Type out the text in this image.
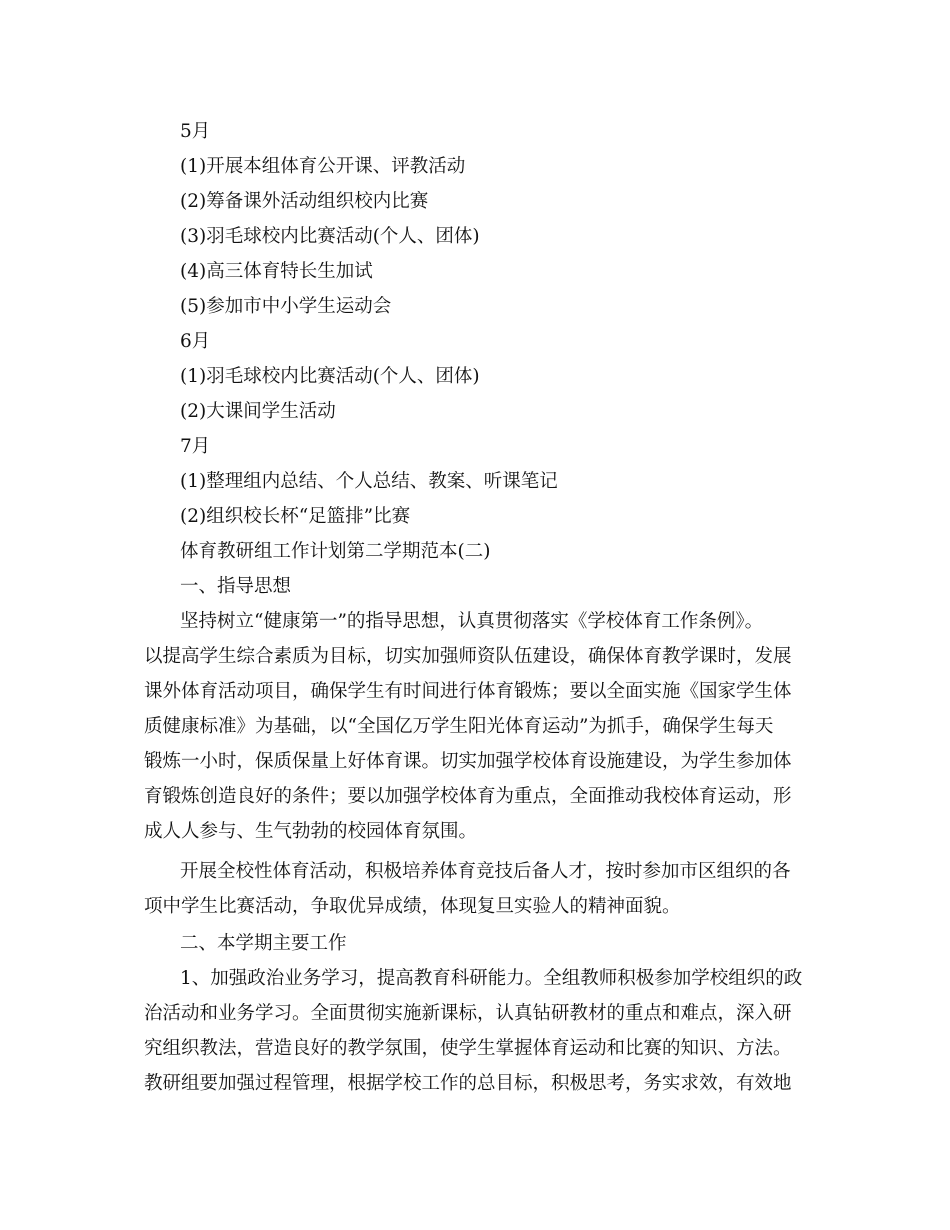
5月
(1)开展本组体育公开课、评教活动
(2)筹备课外活动组织校内比赛
(3)羽毛球校内比赛活动(个人、团体)
(4)高三体育特长生加试
(5)参加市中小学生运动会
6月
(1)羽毛球校内比赛活动(个人、团体)
(2)大课间学生活动
7月
(1)整理组内总结、个人总结、教案、听课笔记
(2)组织校长杯“足篮排”比赛
体育教研组工作计划第二学期范本(二)
一、指导思想
坚持树立“健康第一”的指导思想，认真贯彻落实《学校体育工作条例》。
以提高学生综合素质为目标，切实加强师资队伍建设，确保体育教学课时，发展
课外体育活动项目，确保学生有时间进行体育锻炼；要以全面实施《国家学生体
质健康标准》为基础，以“全国亿万学生阳光体育运动”为抓手，确保学生每天
锻炼一小时，保质保量上好体育课。切实加强学校体育设施建设，为学生参加体
育锻炼创造良好的条件；要以加强学校体育为重点，全面推动我校体育运动，形
成人人参与、生气勃勃的校园体育氛围。
开展全校性体育活动，积极培养体育竞技后备人才，按时参加市区组织的各
项中学生比赛活动，争取优异成绩，体现复旦实验人的精神面貌。
二、本学期主要工作
1、加强政治业务学习，提高教育科研能力。全组教师积极参加学校组织的政
治活动和业务学习。全面贯彻实施新课标，认真钻研教材的重点和难点，深入研
究组织教法，营造良好的教学氛围，使学生掌握体育运动和比赛的知识、方法。
教研组要加强过程管理，根据学校工作的总目标，积极思考，务实求效，有效地
